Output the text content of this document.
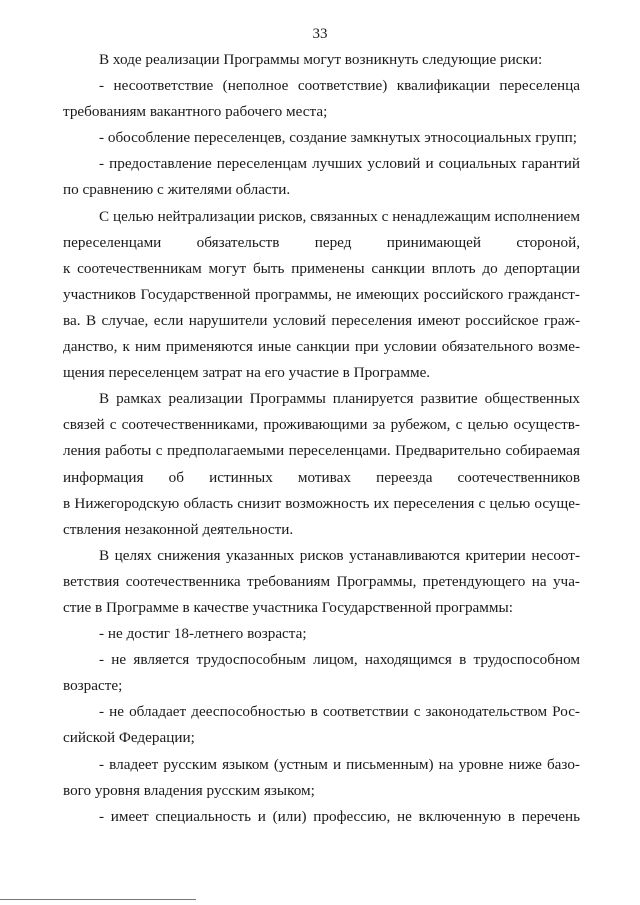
33
В ходе реализации Программы могут возникнуть следующие риски:
- несоответствие (неполное соответствие) квалификации переселенца
требованиям вакантного рабочего места;
- обособление переселенцев, создание замкнутых этносоциальных групп;
- предоставление переселенцам лучших условий и социальных гарантий
по сравнению с жителями области.
С целью нейтрализации рисков, связанных с ненадлежащим исполнением
переселенцами обязательств перед принимающей стороной,
к соотечественникам могут быть применены санкции вплоть до депортации
участников Государственной программы, не имеющих российского гражданст-
ва. В случае, если нарушители условий переселения имеют российское граж-
данство, к ним применяются иные санкции при условии обязательного возме-
щения переселенцем затрат на его участие в Программе.
В рамках реализации Программы планируется развитие общественных
связей с соотечественниками, проживающими за рубежом, с целью осуществ-
ления работы с предполагаемыми переселенцами. Предварительно собираемая
информация об истинных мотивах переезда соотечественников
в Нижегородскую область снизит возможность их переселения с целью осуще-
ствления незаконной деятельности.
В целях снижения указанных рисков устанавливаются критерии несоот-
ветствия соотечественника требованиям Программы, претендующего на уча-
стие в Программе в качестве участника Государственной программы:
- не достиг 18-летнего возраста;
- не является трудоспособным лицом, находящимся в трудоспособном
возрасте;
- не обладает дееспособностью в соответствии с законодательством Рос-
сийской Федерации;
- владеет русским языком (устным и письменным) на уровне ниже базо-
вого уровня владения русским языком;
- имеет специальность и (или) профессию, не включенную в перечень
